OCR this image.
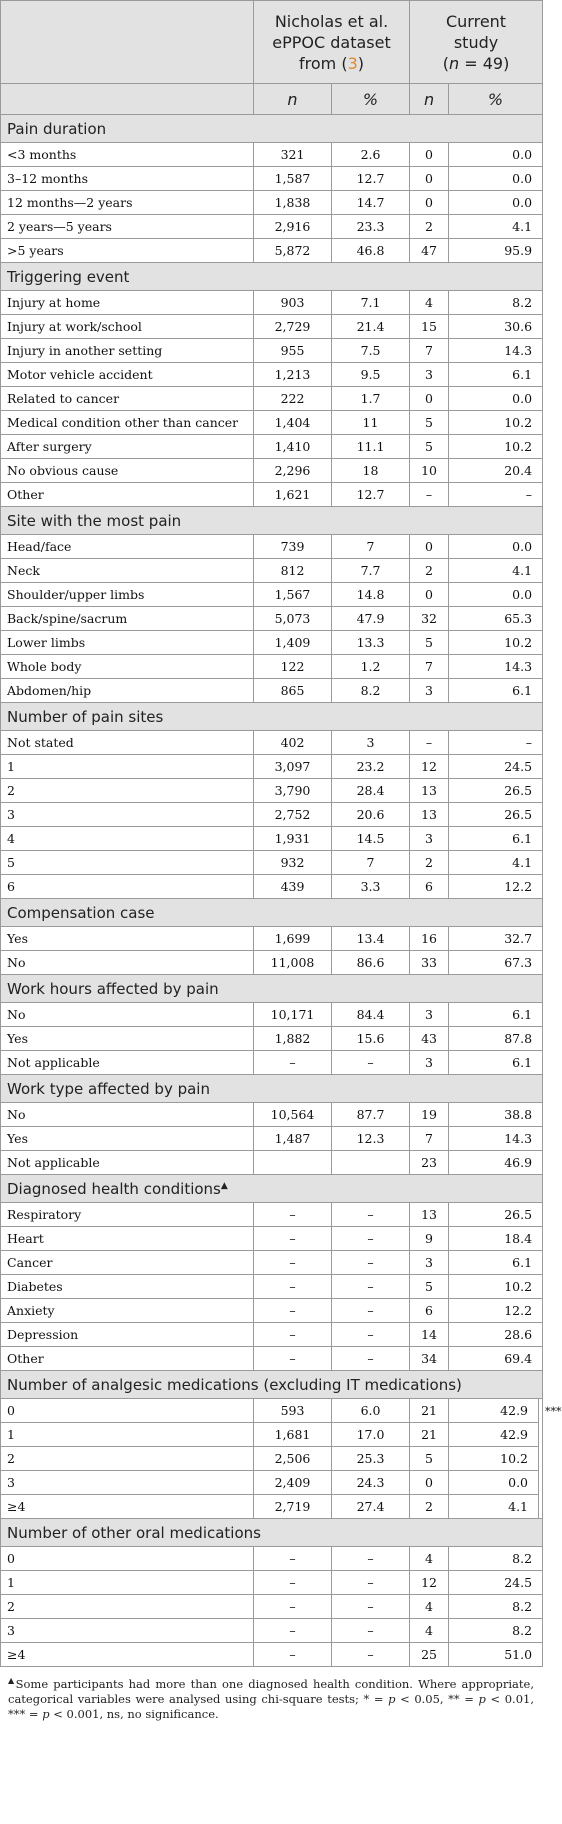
	Nicholas et al. ePPOC dataset from (3)		Current
study
(n = 49)		
	n	%	n	%	
Pain duration					
<3 months	321	2.6	0	0.0	
3–12 months	1,587	12.7	0	0.0	
12 months—2 years	1,838	14.7	0	0.0	
2 years—5 years	2,916	23.3	2	4.1	
>5 years	5,872	46.8	47	95.9	
Triggering event					
Injury at home	903	7.1	4	8.2	
Injury at work/school	2,729	21.4	15	30.6	
Injury in another setting	955	7.5	7	14.3	
Motor vehicle accident	1,213	9.5	3	6.1	
Related to cancer	222	1.7	0	0.0	
Medical condition other than cancer	1,404	11	5	10.2	
After surgery	1,410	11.1	5	10.2	
No obvious cause	2,296	18	10	20.4	
Other	1,621	12.7	–	–	
Site with the most pain					
Head/face	739	7	0	0.0	
Neck	812	7.7	2	4.1	
Shoulder/upper limbs	1,567	14.8	0	0.0	
Back/spine/sacrum	5,073	47.9	32	65.3	
Lower limbs	1,409	13.3	5	10.2	
Whole body	122	1.2	7	14.3	
Abdomen/hip	865	8.2	3	6.1	
Number of pain sites					
Not stated	402	3	–	–	
1	3,097	23.2	12	24.5	
2	3,790	28.4	13	26.5	
3	2,752	20.6	13	26.5	
4	1,931	14.5	3	6.1	
5	932	7	2	4.1	
6	439	3.3	6	12.2	
Compensation case					
Yes	1,699	13.4	16	32.7	
No	11,008	86.6	33	67.3	
Work hours affected by pain					
No	10,171	84.4	3	6.1	
Yes	1,882	15.6	43	87.8	
Not applicable	–	–	3	6.1	
Work type affected by pain					
No	10,564	87.7	19	38.8	
Yes	1,487	12.3	7	14.3	
Not applicable			23	46.9	
Diagnosed health conditions▲
Respiratory	–	–	13	26.5	
Heart	–	–	9	18.4	
Cancer	–	–	3	6.1	
Diabetes	–	–	5	10.2	
Anxiety	–	–	6	12.2	
Depression	–	–	14	28.6	
Other	–	–	34	69.4	
Number of analgesic medications (excluding IT medications)					
0	593	6.0	21	42.9	***
1	1,681	17.0	21	42.9	
2	2,506	25.3	5	10.2	
3	2,409	24.3	0	0.0	
≥4	2,719	27.4	2	4.1	
Number of other oral medications					
0	–	–	4	8.2	
1	–	–	12	24.5	
2	–	–	4	8.2	
3	–	–	4	8.2	
≥4	–	–	25	51.0	
▲Some participants had more than one diagnosed health condition. Where appropriate, categorical variables were analysed using chi-square tests; * = p < 0.05, ** = p < 0.01, *** = p < 0.001, ns, no significance.
